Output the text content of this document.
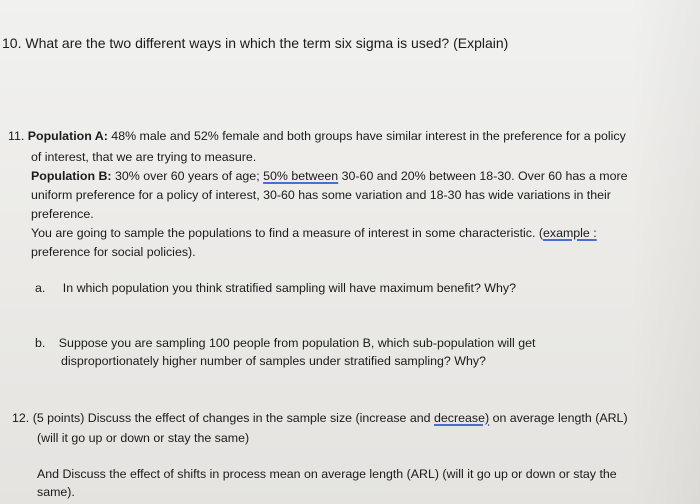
10. What are the two different ways in which the term six sigma is used? (Explain)
11. Population A: 48% male and 52% female and both groups have similar interest in the preference for a policy
of interest, that we are trying to measure.
Population B: 30% over 60 years of age; 50% between 30-60 and 20% between 18-30. Over 60 has a more
uniform preference for a policy of interest, 30-60 has some variation and 18-30 has wide variations in their
preference.
You are going to sample the populations to find a measure of interest in some characteristic. (example :
preference for social policies).
a. In which population you think stratified sampling will have maximum benefit? Why?
b. Suppose you are sampling 100 people from population B, which sub-population will get
disproportionately higher number of samples under stratified sampling? Why?
12. (5 points) Discuss the effect of changes in the sample size (increase and decrease) on average length (ARL)
(will it go up or down or stay the same)
And Discuss the effect of shifts in process mean on average length (ARL) (will it go up or down or stay the
same).
